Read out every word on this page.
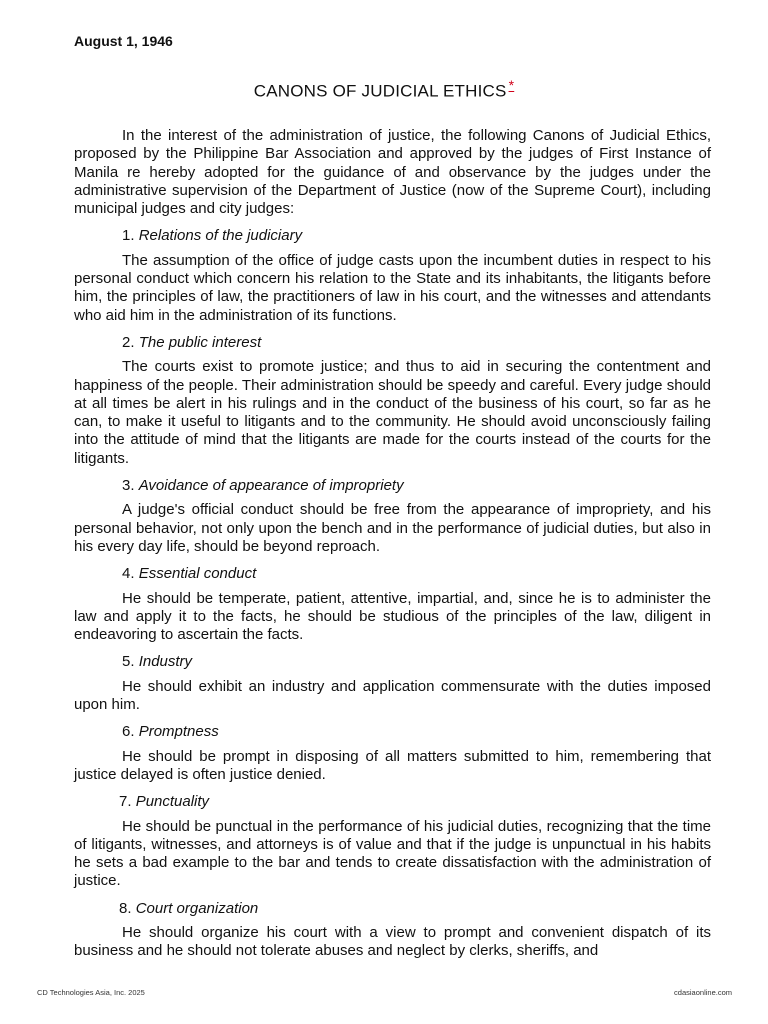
August 1, 1946
CANONS OF JUDICIAL ETHICS *

In the interest of the administration of justice, the following Canons of Judicial Ethics, proposed by the Philippine Bar Association and approved by the judges of First Instance of Manila re hereby adopted for the guidance of and observance by the judges under the administrative supervision of the Department of Justice (now of the Supreme Court), including municipal judges and city judges:

1. Relations of the judiciary

The assumption of the office of judge casts upon the incumbent duties in respect to his personal conduct which concern his relation to the State and its inhabitants, the litigants before him, the principles of law, the practitioners of law in his court, and the witnesses and attendants who aid him in the administration of its functions.

2. The public interest

The courts exist to promote justice; and thus to aid in securing the contentment and happiness of the people. Their administration should be speedy and careful. Every judge should at all times be alert in his rulings and in the conduct of the business of his court, so far as he can, to make it useful to litigants and to the community. He should avoid unconsciously failing into the attitude of mind that the litigants are made for the courts instead of the courts for the litigants.

3. Avoidance of appearance of impropriety

A judge's official conduct should be free from the appearance of impropriety, and his personal behavior, not only upon the bench and in the performance of judicial duties, but also in his every day life, should be beyond reproach.

4. Essential conduct

He should be temperate, patient, attentive, impartial, and, since he is to administer the law and apply it to the facts, he should be studious of the principles of the law, diligent in endeavoring to ascertain the facts.

5. Industry

He should exhibit an industry and application commensurate with the duties imposed upon him.

6. Promptness

He should be prompt in disposing of all matters submitted to him, remembering that justice delayed is often justice denied.

7. Punctuality

He should be punctual in the performance of his judicial duties, recognizing that the time of litigants, witnesses, and attorneys is of value and that if the judge is unpunctual in his habits he sets a bad example to the bar and tends to create dissatisfaction with the administration of justice.

8. Court organization

He should organize his court with a view to prompt and convenient dispatch of its business and he should not tolerate abuses and neglect by clerks, sheriffs, and

CD Technologies Asia, Inc. 2025	cdasiaonline.com
